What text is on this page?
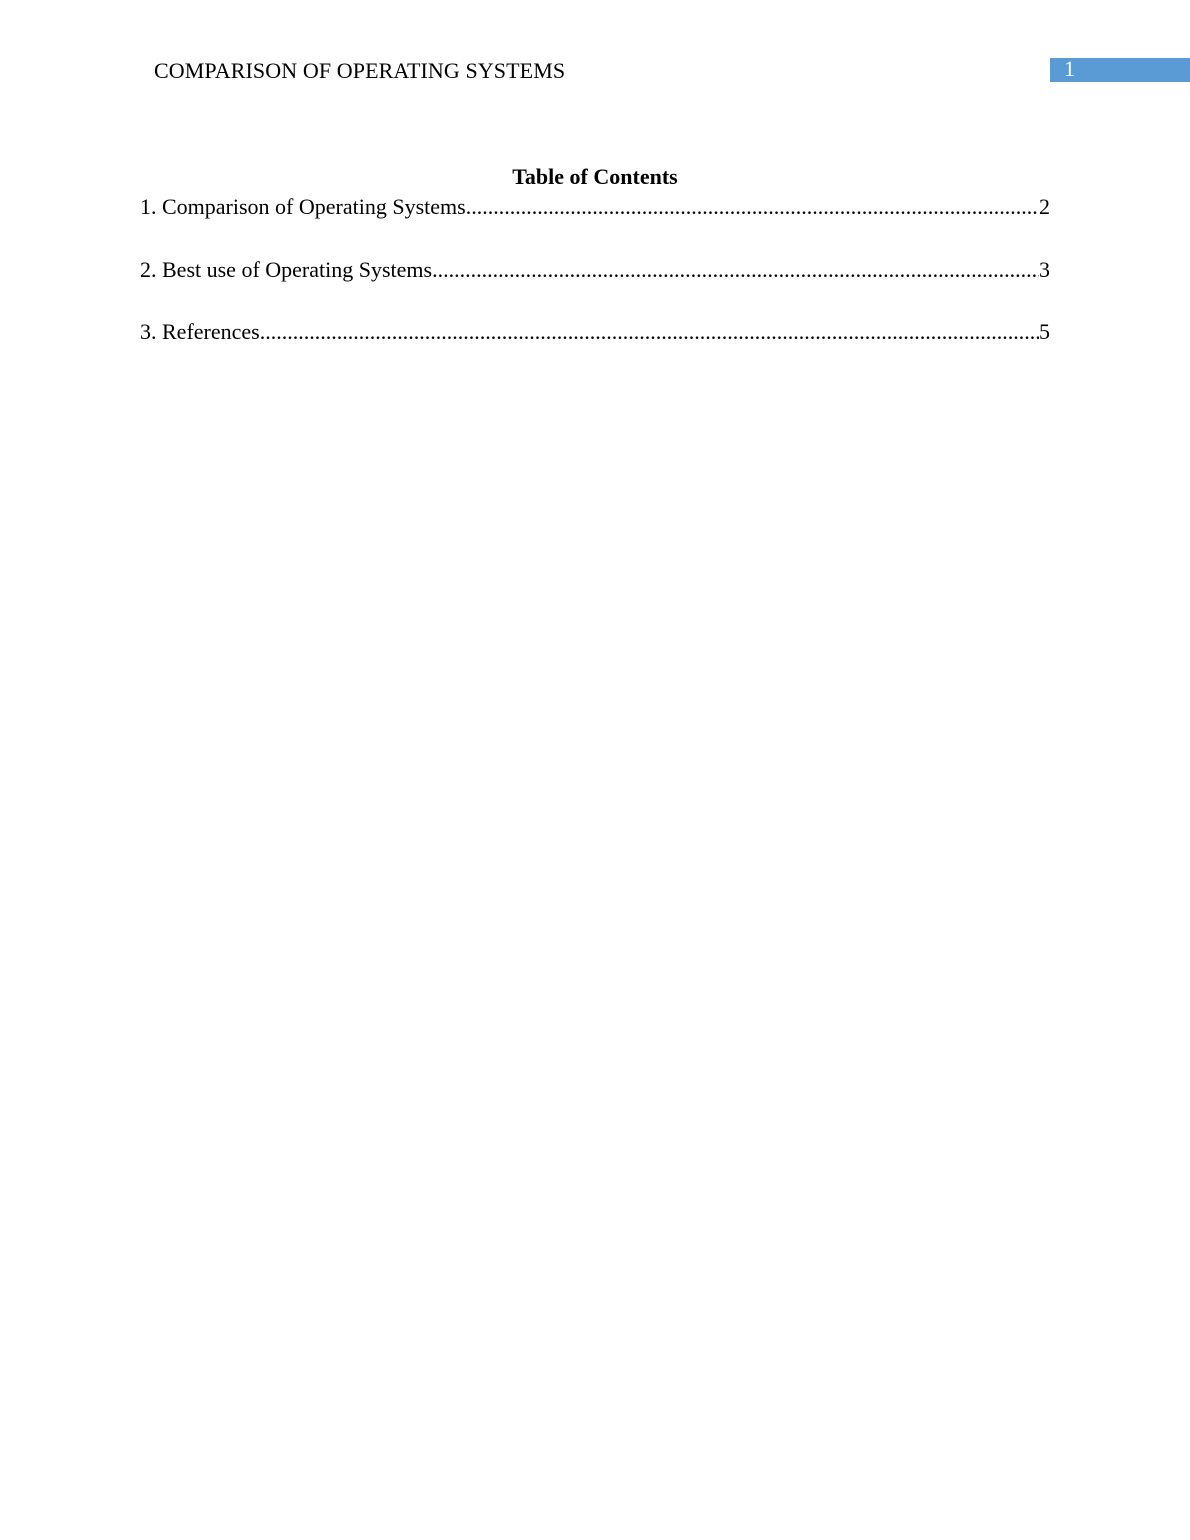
COMPARISON OF OPERATING SYSTEMS	1
Table of Contents
1. Comparison of Operating Systems .....	2
2. Best use of Operating Systems .....	3
3. References .....	5
